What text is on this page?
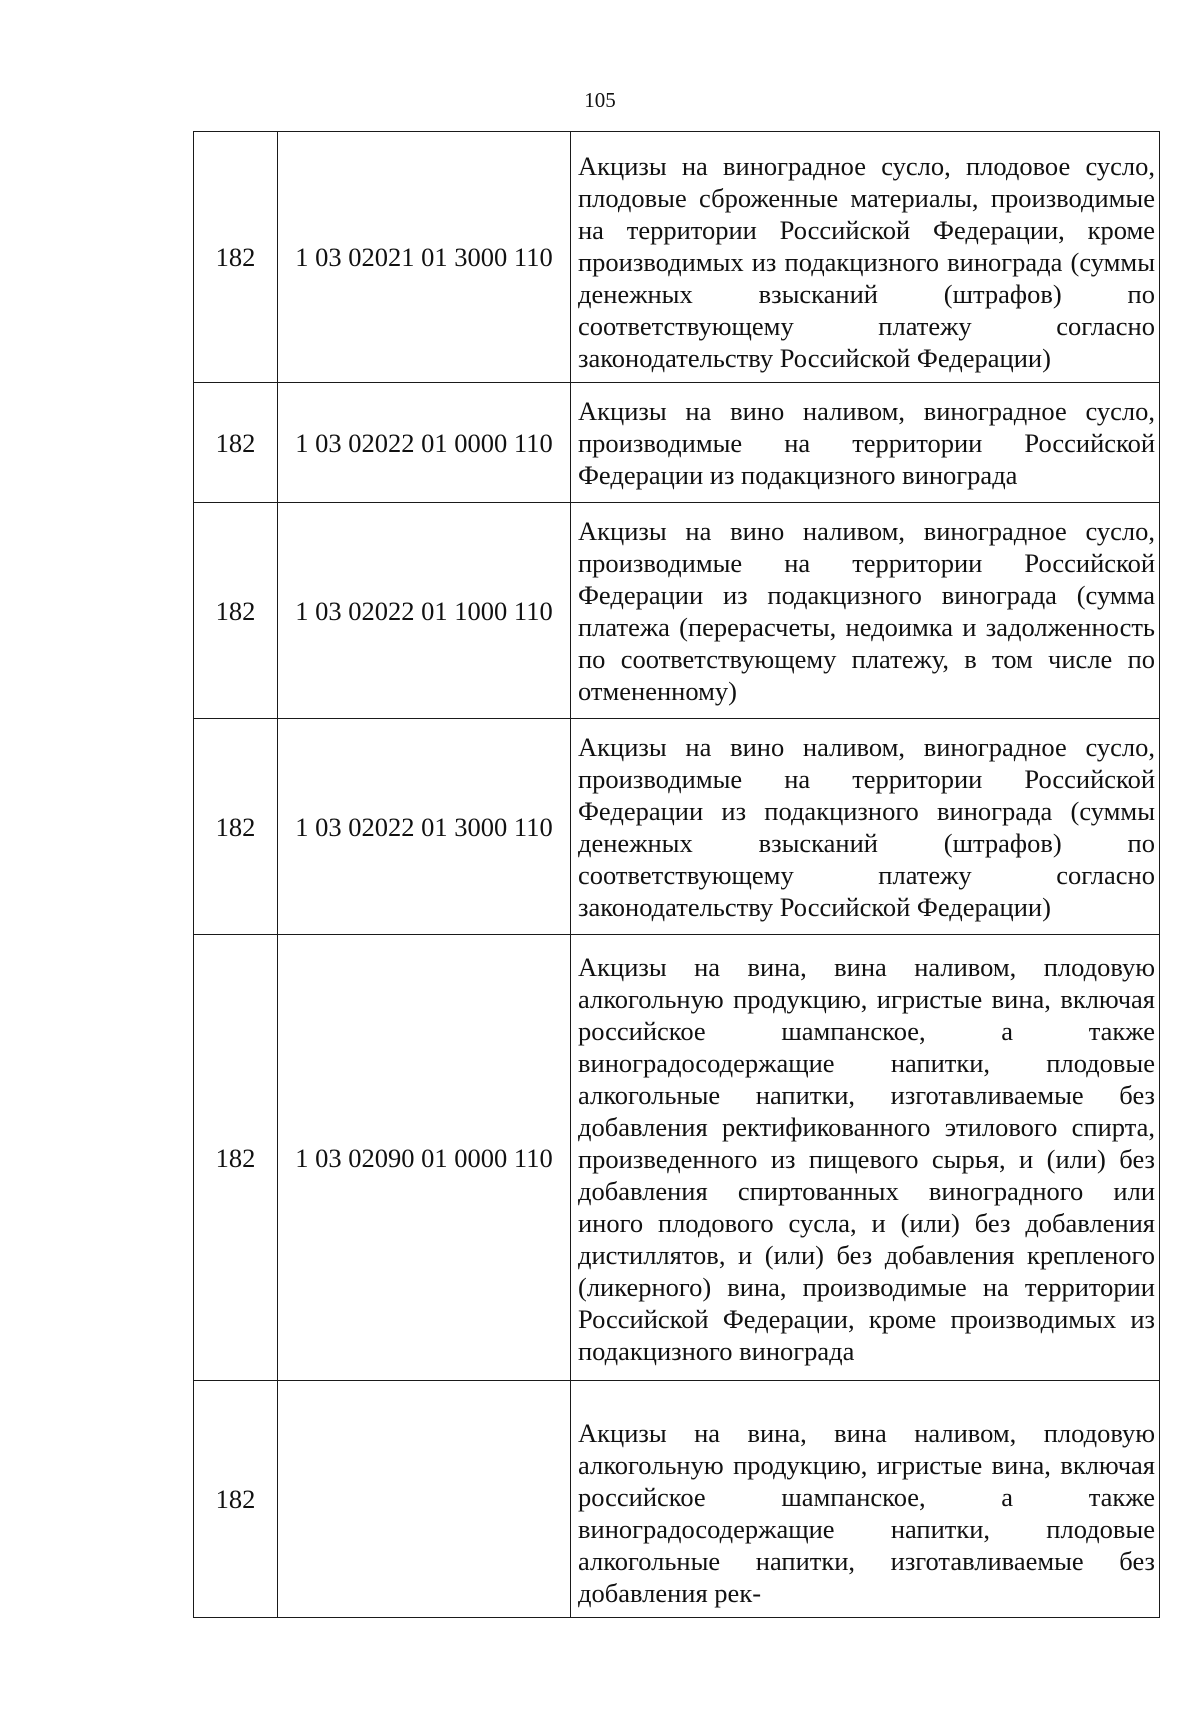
105
182	1 03 02021 01 3000 110	Акцизы на виноградное сусло, плодовое сусло, плодовые сброженные материалы, производимые на территории Российской Федерации, кроме производимых из подакцизного винограда (суммы денежных взысканий (штрафов) по соответствующему платежу согласно законодательству Российской Федерации)
182	1 03 02022 01 0000 110	Акцизы на вино наливом, виноградное сусло, производимые на территории Российской Федерации из подакцизного винограда
182	1 03 02022 01 1000 110	Акцизы на вино наливом, виноградное сусло, производимые на территории Российской Федерации из подакцизного винограда (сумма платежа (перерасчеты, недоимка и задолженность по соответствующему платежу, в том числе по отмененному)
182	1 03 02022 01 3000 110	Акцизы на вино наливом, виноградное сусло, производимые на территории Российской Федерации из подакцизного винограда (суммы денежных взысканий (штрафов) по соответствующему платежу согласно законодательству Российской Федерации)
182	1 03 02090 01 0000 110	Акцизы на вина, вина наливом, плодовую алкогольную продукцию, игристые вина, включая российское шампанское, а также виноградосодержащие напитки, плодовые алкогольные напитки, изготавливаемые без добавления ректификованного этилового спирта, произведенного из пищевого сырья, и (или) без добавления спиртованных виноградного или иного плодового сусла, и (или) без добавления дистиллятов, и (или) без добавления крепленого (ликерного) вина, производимые на территории Российской Федерации, кроме производимых из подакцизного винограда
182		Акцизы на вина, вина наливом, плодовую алкогольную продукцию, игристые вина, включая российское шампанское, а также виноградосодержащие напитки, плодовые алкогольные напитки, изготавливаемые без добавления рек-
